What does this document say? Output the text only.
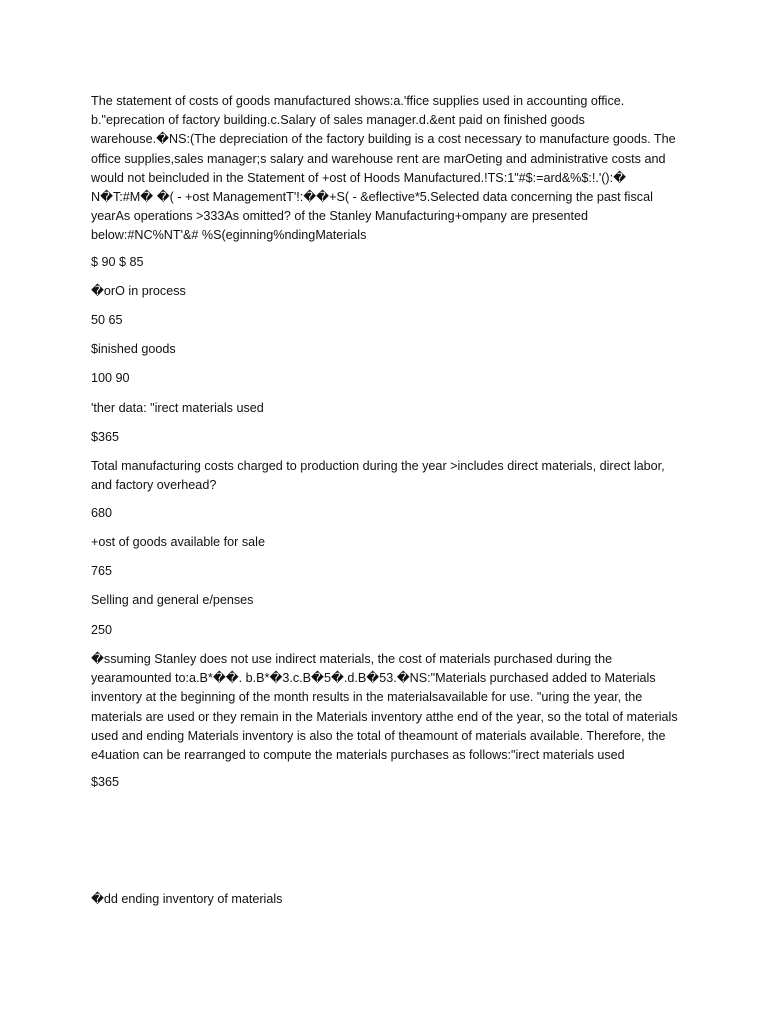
The statement of costs of goods manufactured shows:a.'ffice supplies used in accounting office. b."eprecation of factory building.c.Salary of sales manager.d.&ent paid on finished goods warehouse.�NS:(The depreciation of the factory building is a cost necessary to manufacture goods. The office supplies,sales manager;s salary and warehouse rent are marOeting and administrative costs and would not beincluded in the Statement of +ost of Hoods Manufactured.!TS:1"#$:=ard&%$:!.'():� N�T:#M� �( - +ost ManagementT'!:��+S( - &eflective*5.Selected data concerning the past fiscal yearAs operations >333As omitted? of the Stanley Manufacturing+ompany are presented below:#NC%NT'&# %S(eginning%ndingMaterials

$ 90 $ 85

�orO in process

50 65

$inished goods

100 90

'ther data: "irect materials used

$365

Total manufacturing costs charged to production during the year >includes direct materials, direct labor, and factory overhead?

680

+ost of goods available for sale

765

Selling and general e/penses

250

�ssuming Stanley does not use indirect materials, the cost of materials purchased during the yearamounted to:a.B*��. b.B*�3.c.B�5�.d.B�53.�NS:"Materials purchased added to Materials inventory at the beginning of the month results in the materialsavailable for use. "uring the year, the materials are used or they remain in the Materials inventory atthe end of the year, so the total of materials used and ending Materials inventory is also the total of theamount of materials available. Therefore, the e4uation can be rearranged to compute the materials purchases as follows:"irect materials used

$365

�dd ending inventory of materials
